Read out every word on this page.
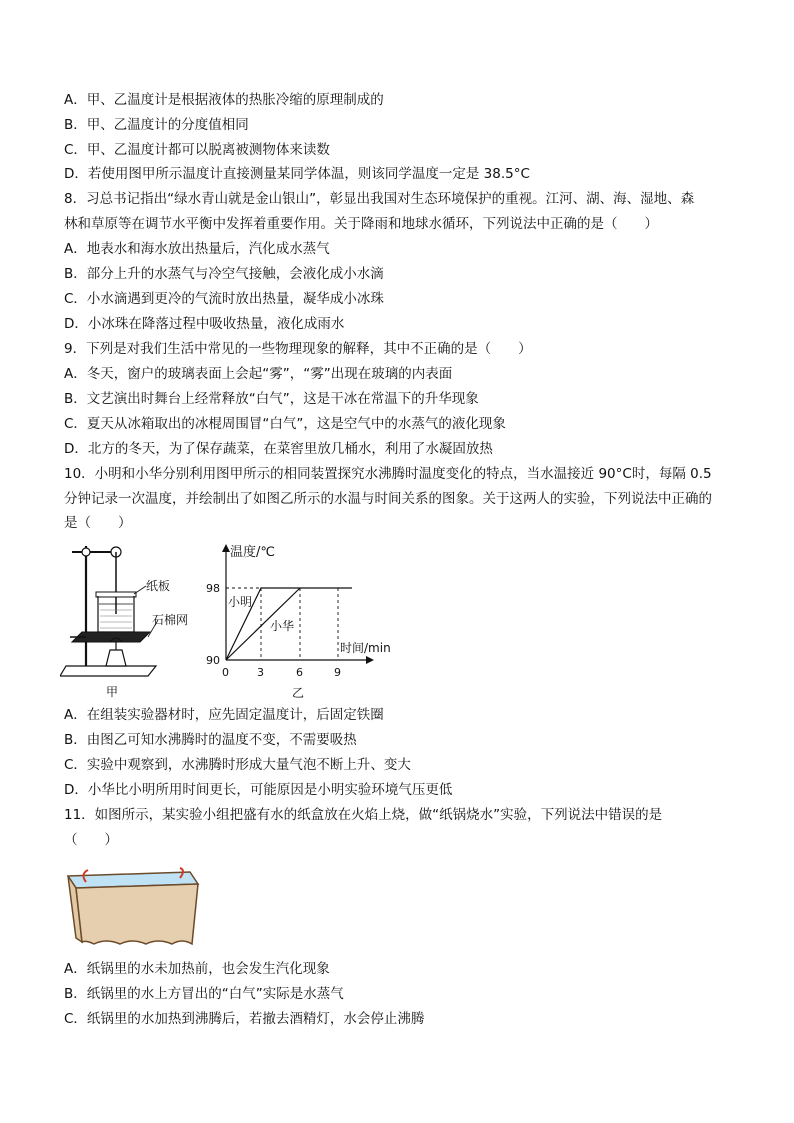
A．甲、乙温度计是根据液体的热胀冷缩的原理制成的
B．甲、乙温度计的分度值相同
C．甲、乙温度计都可以脱离被测物体来读数
D．若使用图甲所示温度计直接测量某同学体温，则该同学温度一定是 38.5°C
8．习总书记指出“绿水青山就是金山银山”，彰显出我国对生态环境保护的重视。江河、湖、海、湿地、森
林和草原等在调节水平衡中发挥着重要作用。关于降雨和地球水循环，下列说法中正确的是（　　）
A．地表水和海水放出热量后，汽化成水蒸气
B．部分上升的水蒸气与冷空气接触，会液化成小水滴
C．小水滴遇到更冷的气流时放出热量，凝华成小冰珠
D．小冰珠在降落过程中吸收热量，液化成雨水
9．下列是对我们生活中常见的一些物理现象的解释，其中不正确的是（　　）
A．冬天，窗户的玻璃表面上会起“雾”，“雾”出现在玻璃的内表面
B．文艺演出时舞台上经常释放“白气”，这是干冰在常温下的升华现象
C．夏天从冰箱取出的冰棍周围冒“白气”，这是空气中的水蒸气的液化现象
D．北方的冬天，为了保存蔬菜，在菜窖里放几桶水，利用了水凝固放热
10．小明和小华分别利用图甲所示的相同装置探究水沸腾时温度变化的特点，当水温接近 90°C时，每隔 0.5
分钟记录一次温度，并绘制出了如图乙所示的水温与时间关系的图象。关于这两人的实验，下列说法中正确的
是（　　）
纸板
石棉网
甲
温度/℃
时间/min
98
90
0	3	6	9
小明
小华
乙
A．在组装实验器材时，应先固定温度计，后固定铁圈
B．由图乙可知水沸腾时的温度不变，不需要吸热
C．实验中观察到，水沸腾时形成大量气泡不断上升、变大
D．小华比小明所用时间更长，可能原因是小明实验环境气压更低
11．如图所示，某实验小组把盛有水的纸盒放在火焰上烧，做“纸锅烧水”实验，下列说法中错误的是
（　　）
A．纸锅里的水未加热前，也会发生汽化现象
B．纸锅里的水上方冒出的“白气”实际是水蒸气
C．纸锅里的水加热到沸腾后，若撤去酒精灯，水会停止沸腾
